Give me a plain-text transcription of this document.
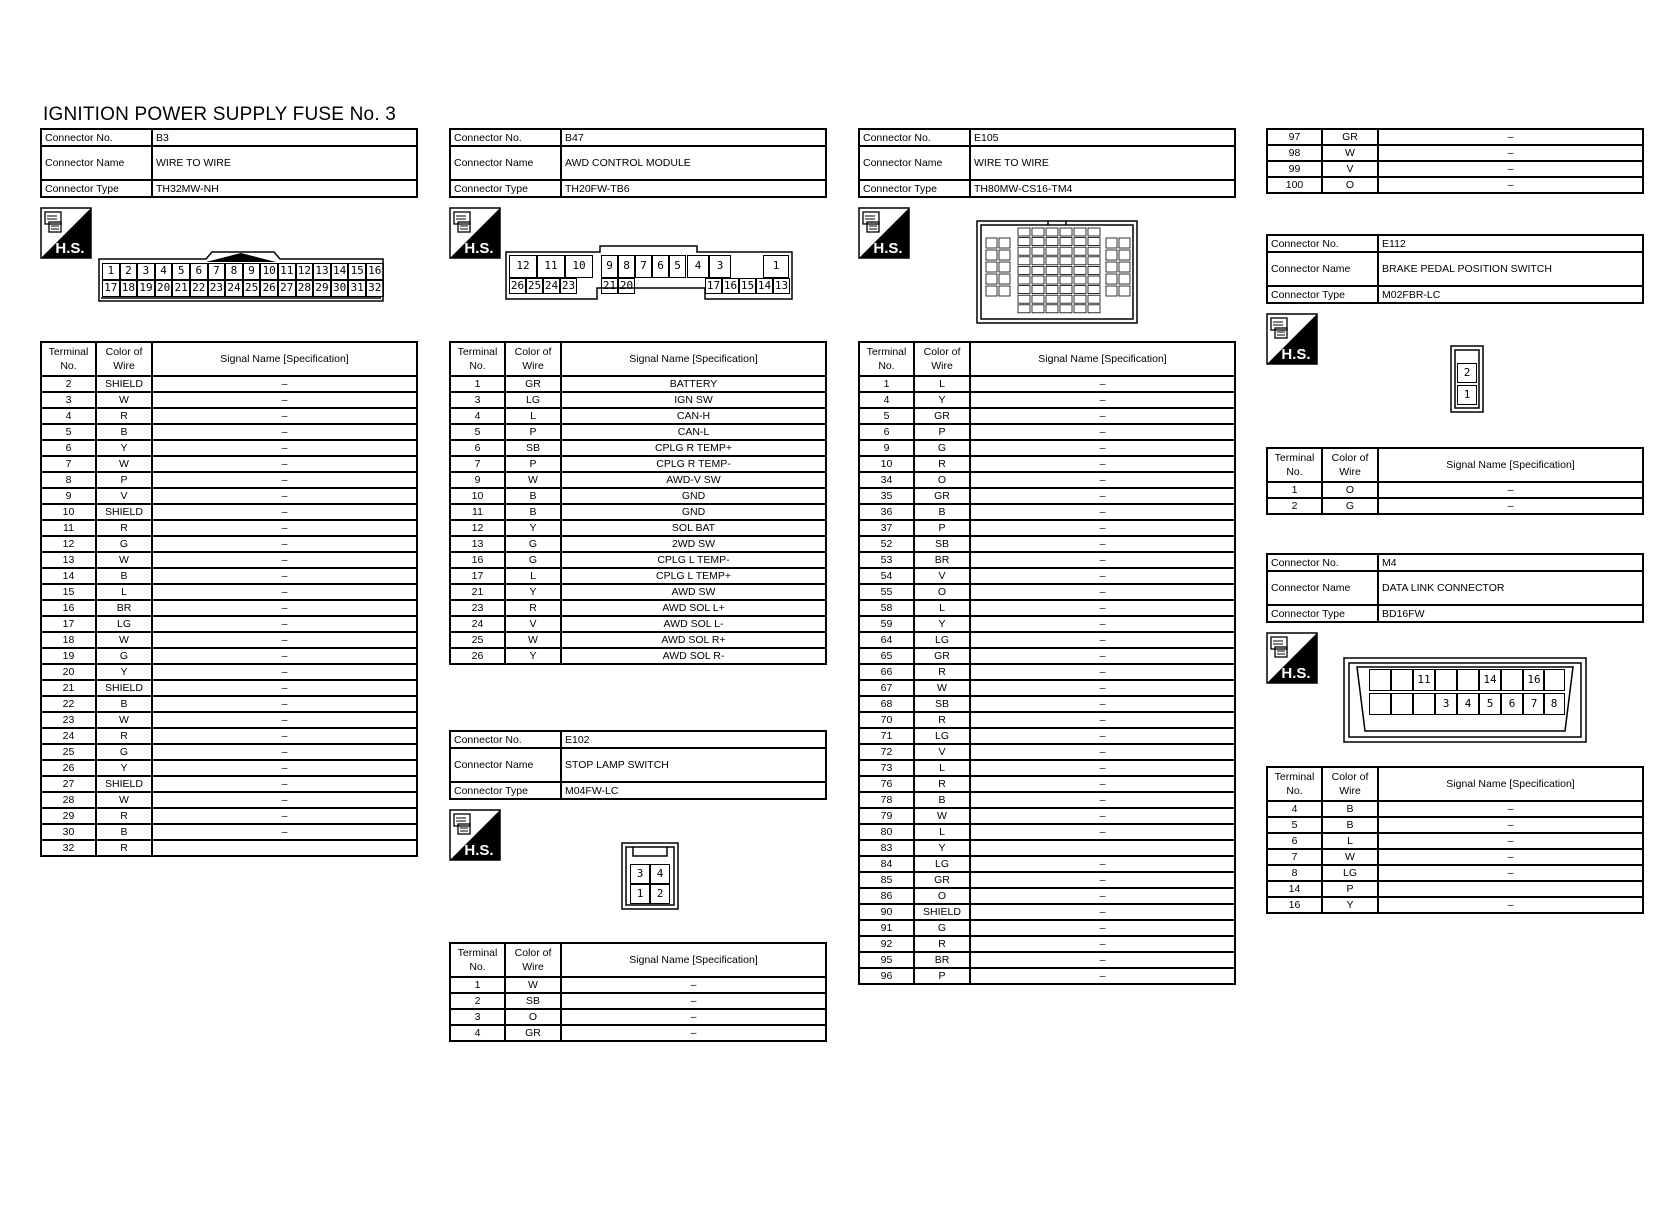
IGNITION POWER SUPPLY FUSE No. 3
Connector No.	B3
Connector Name	WIRE TO WIRE
Connector Type	TH32MW-NH
H.S.
1
17
2
18
3
19
4
20
5
21
6
22
7
23
8
24
9
25
10
26
11
27
12
28
13
29
14
30
15
31
16
32
Terminal No.	Color of Wire	Signal Name [Specification]
2	SHIELD	–
3	W	–
4	R	–
5	B	–
6	Y	–
7	W	–
8	P	–
9	V	–
10	SHIELD	–
11	R	–
12	G	–
13	W	–
14	B	–
15	L	–
16	BR	–
17	LG	–
18	W	–
19	G	–
20	Y	–
21	SHIELD	–
22	B	–
23	W	–
24	R	–
25	G	–
26	Y	–
27	SHIELD	–
28	W	–
29	R	–
30	B	–
32	R	
Connector No.	B47
Connector Name	AWD CONTROL MODULE
Connector Type	TH20FW-TB6
H.S.
12	11	10	9 8 7 6 5	4	3	1
26 25 24 23	21 20	17 16 15 14 13
Terminal No.	Color of Wire	Signal Name [Specification]
1	GR	BATTERY
3	LG	IGN SW
4	L	CAN-H
5	P	CAN-L
6	SB	CPLG R TEMP+
7	P	CPLG R TEMP-
9	W	AWD-V SW
10	B	GND
11	B	GND
12	Y	SOL BAT
13	G	2WD SW
16	G	CPLG L TEMP-
17	L	CPLG L TEMP+
21	Y	AWD SW
23	R	AWD SOL L+
24	V	AWD SOL L-
25	W	AWD SOL R+
26	Y	AWD SOL R-
Connector No.	E102
Connector Name	STOP LAMP SWITCH
Connector Type	M04FW-LC
H.S.
3	4
1	2
Terminal No.	Color of Wire	Signal Name [Specification]
1	W	–
2	SB	–
3	O	–
4	GR	–
Connector No.	E105
Connector Name	WIRE TO WIRE
Connector Type	TH80MW-CS16-TM4
H.S.
Terminal No.	Color of Wire	Signal Name [Specification]
1	L	–
4	Y	–
5	GR	–
6	P	–
9	G	–
10	R	–
34	O	–
35	GR	–
36	B	–
37	P	–
52	SB	–
53	BR	–
54	V	–
55	O	–
58	L	–
59	Y	–
64	LG	–
65	GR	–
66	R	–
67	W	–
68	SB	–
70	R	–
71	LG	–
72	V	–
73	L	–
76	R	–
78	B	–
79	W	–
80	L	–
83	Y	
84	LG	–
85	GR	–
86	O	–
90	SHIELD	–
91	G	–
92	R	–
95	BR	–
96	P	–
97	GR	–
98	W	–
99	V	–
100	O	–
Connector No.	E112
Connector Name	BRAKE PEDAL POSITION SWITCH
Connector Type	M02FBR-LC
H.S.
2
1
Terminal No.	Color of Wire	Signal Name [Specification]
1	O	–
2	G	–
Connector No.	M4
Connector Name	DATA LINK CONNECTOR
Connector Type	BD16FW
H.S.	11
3	4
14
5	6
16
7	8
Terminal No.	Color of Wire	Signal Name [Specification]
4	B	–
5	B	–
6	L	–
7	W	–
8	LG	–
14	P	
16	Y	–
